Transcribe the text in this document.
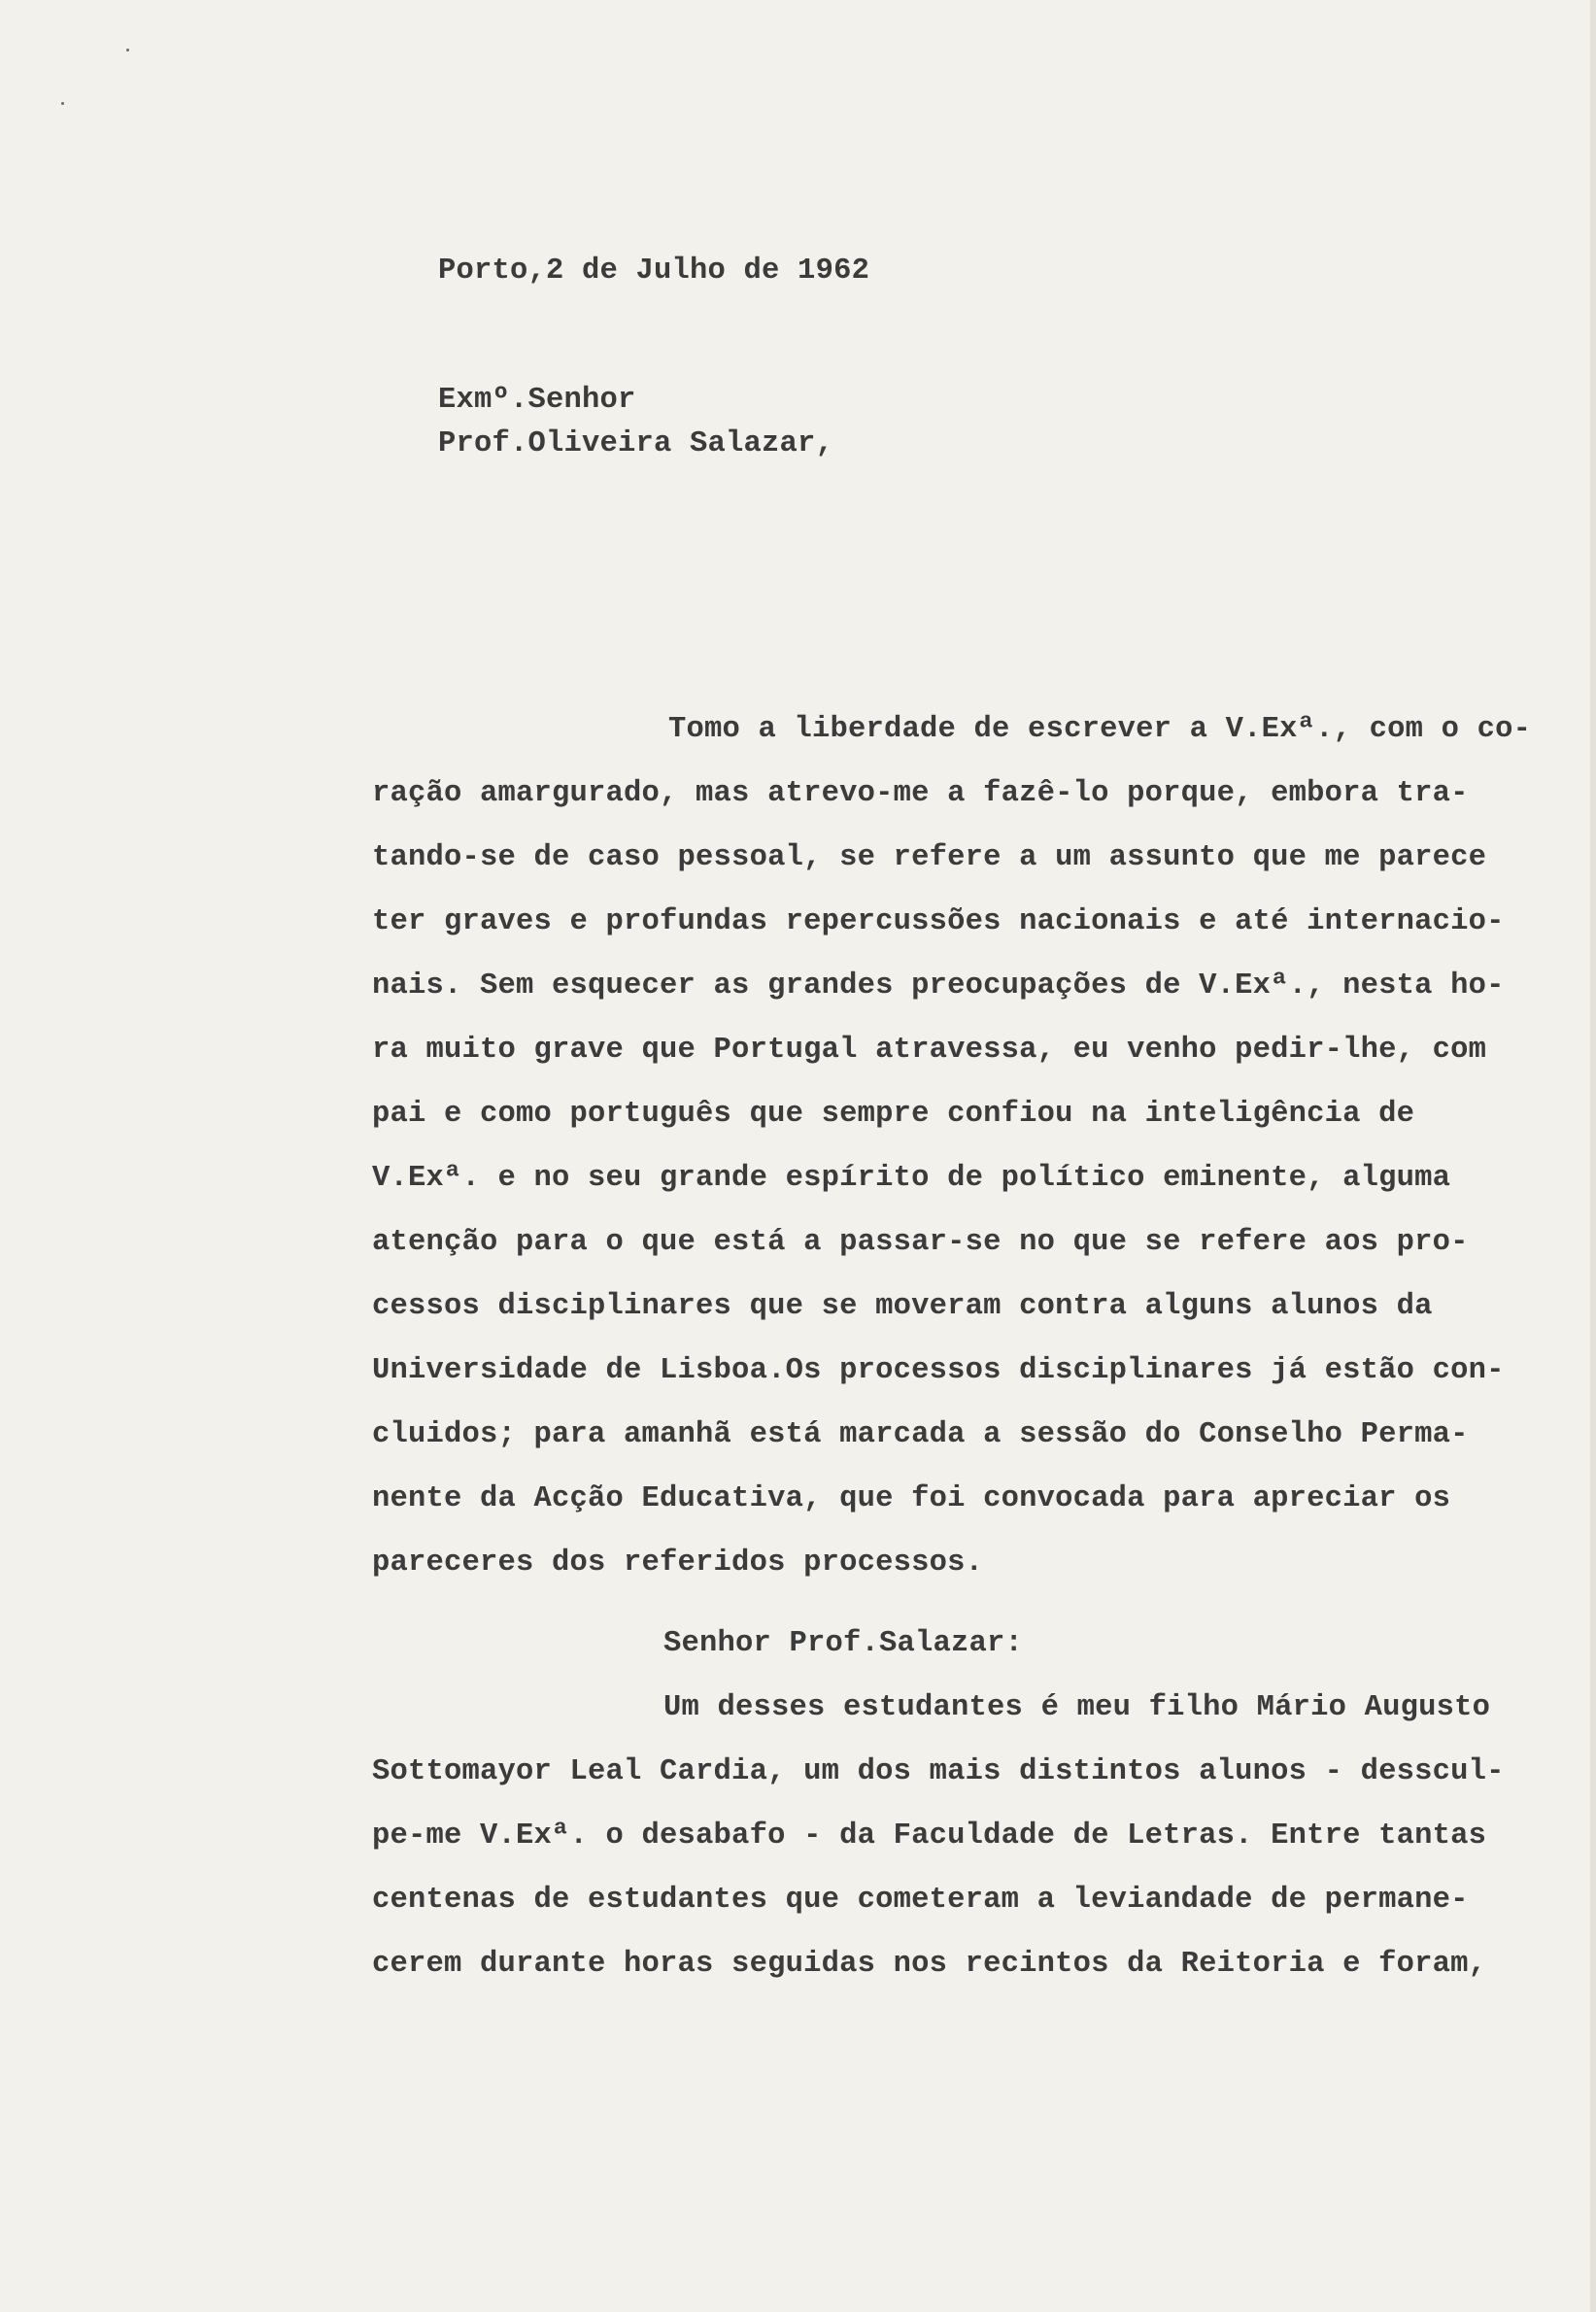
Porto,2 de Julho de 1962

Exmº.Senhor

Prof.Oliveira Salazar,

Tomo a liberdade de escrever a V.Exª., com o co-

ração amargurado, mas atrevo-me a fazê-lo porque, embora tra-

tando-se de caso pessoal, se refere a um assunto que me parece

ter graves e profundas repercussões nacionais e até internacio-

nais. Sem esquecer as grandes preocupações de V.Exª., nesta ho-

ra muito grave que Portugal atravessa, eu venho pedir-lhe, com

pai e como português que sempre confiou na inteligência de

V.Exª. e no seu grande espírito de político eminente, alguma

atenção para o que está a passar-se no que se refere aos pro-

cessos disciplinares que se moveram contra alguns alunos da

Universidade de Lisboa.Os processos disciplinares já estão con-

cluidos; para amanhã está marcada a sessão do Conselho Perma-

nente da Acção Educativa, que foi convocada para apreciar os

pareceres dos referidos processos.

Senhor Prof.Salazar:

Um desses estudantes é meu filho Mário Augusto

Sottomayor Leal Cardia, um dos mais distintos alunos - desscul-

pe-me V.Exª. o desabafo - da Faculdade de Letras. Entre tantas

centenas de estudantes que cometeram a leviandade de permane-

cerem durante horas seguidas nos recintos da Reitoria e foram,
